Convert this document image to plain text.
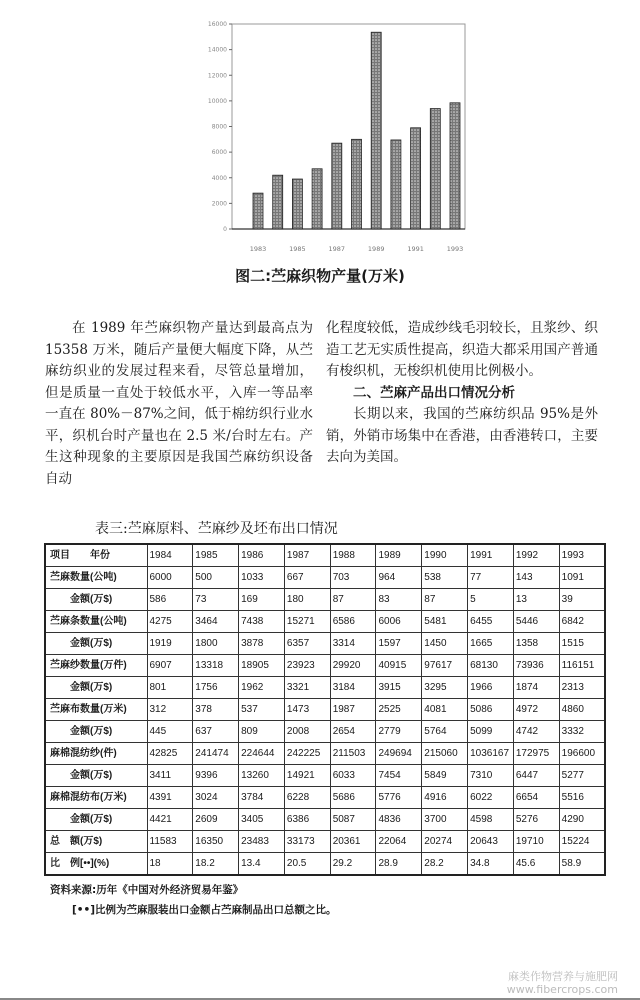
0
2000
4000
6000
8000
10000
12000
14000
16000
1983	1985	1987	1989	1991	1993
图二:苎麻织物产量(万米)

在 1989 年苎麻织物产量达到最高点为15358 万米，随后产量便大幅度下降，从苎麻纺织业的发展过程来看，尽管总量增加，但是质量一直处于较低水平，入库一等品率一直在 80%－87%之间，低于棉纺织行业水平，织机台时产量也在 2.5 米/台时左右。产生这种现象的主要原因是我国苎麻纺织设备自动

化程度较低，造成纱线毛羽较长，且浆纱、织造工艺无实质性提高，织造大都采用国产普通有梭织机，无梭织机使用比例极小。

二、苎麻产品出口情况分析

长期以来，我国的苎麻纺织品 95%是外销，外销市场集中在香港，由香港转口，主要去向为美国。

表三:苎麻原料、苎麻纱及坯布出口情况
项目　　年份	1984	1985	1986	1987	1988	1989	1990	1991	1992	1993
苎麻数量(公吨)	6000	500	1033	667	703	964	538	77	143	1091
金额(万$)	586	73	169	180	87	83	87	5	13	39
苎麻条数量(公吨)	4275	3464	7438	15271	6586	6006	5481	6455	5446	6842
金额(万$)	1919	1800	3878	6357	3314	1597	1450	1665	1358	1515
苎麻纱数量(万件)	6907	13318	18905	23923	29920	40915	97617	68130	73936	116151
金额(万$)	801	1756	1962	3321	3184	3915	3295	1966	1874	2313
苎麻布数量(万米)	312	378	537	1473	1987	2525	4081	5086	4972	4860
金额(万$)	445	637	809	2008	2654	2779	5764	5099	4742	3332
麻棉混纺纱(件)	42825	241474	224644	242225	211503	249694	215060	1036167	172975	196600
金额(万$)	3411	9396	13260	14921	6033	7454	5849	7310	6447	5277
麻棉混纺布(万米)	4391	3024	3784	6228	5686	5776	4916	6022	6654	5516
金额(万$)	4421	2609	3405	6386	5087	4836	3700	4598	5276	4290
总　额(万$)	11583	16350	23483	33173	20361	22064	20274	20643	19710	15224
比　例[••](%)	18	18.2	13.4	20.5	29.2	28.9	28.2	34.8	45.6	58.9
资料来源:历年《中国对外经济贸易年鉴》
[••]比例为苎麻服装出口金额占苎麻制品出口总额之比。
麻类作物营养与施肥网
www.fibercrops.com
